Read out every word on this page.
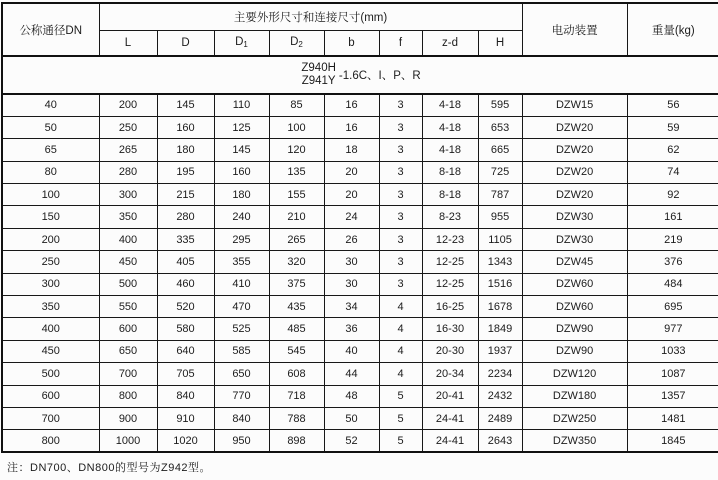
公称通径DN	主要外形尺寸和连接尺寸(mm)								电动装置	重量(kg)
	L	D	$D_1$	$D_2$	b	f	z-d	H		

Z940H
Z941Y -1.6C、I、P、R										

40	200	145	110	85	16	3	4-18	595	DZW15	56
50	250	160	125	100	16	3	4-18	653	DZW20	59
65	265	180	145	120	18	3	4-18	665	DZW20	62
80	280	195	160	135	20	3	8-18	725	DZW20	74
100	300	215	180	155	20	3	8-18	787	DZW20	92
150	350	280	240	210	24	3	8-23	955	DZW30	161
200	400	335	295	265	26	3	12-23	1105	DZW30	219
250	450	405	355	320	30	3	12-25	1343	DZW45	376
300	500	460	410	375	30	3	12-25	1516	DZW60	484
350	550	520	470	435	34	4	16-25	1678	DZW60	695
400	600	580	525	485	36	4	16-30	1849	DZW90	977
450	650	640	585	545	40	4	20-30	1937	DZW90	1033
500	700	705	650	608	44	4	20-34	2234	DZW120	1087
600	800	840	770	718	48	5	20-41	2432	DZW180	1357
700	900	910	840	788	50	5	24-41	2489	DZW250	1481
800	1000	1020	950	898	52	5	24-41	2643	DZW350	1845
注：DN700、DN800的型号为Z942型。
